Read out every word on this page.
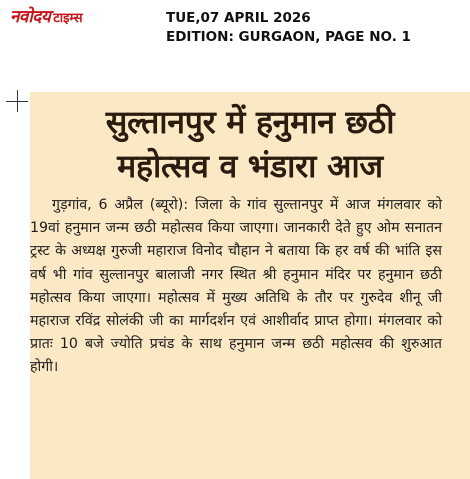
नवोदय टाइम्स	TUE,07 APRIL 2026
EDITION: GURGAON, PAGE NO. 1
सुल्तानपुर में हनुमान छठी
महोत्सव व भंडारा आज

गुड़गांव, 6 अप्रैल (ब्यूरो): जिला के गांव सुल्तानपुर में आज मंगलवार को 19वां हनुमान जन्म छठी महोत्सव किया जाएगा। जानकारी देते हुए ओम सनातन ट्रस्ट के अध्यक्ष गुरुजी महाराज विनोद चौहान ने बताया कि हर वर्ष की भांति इस वर्ष भी गांव सुल्तानपुर बालाजी नगर स्थित श्री हनुमान मंदिर पर हनुमान छठी महोत्सव किया जाएगा। महोत्सव में मुख्य अतिथि के तौर पर गुरुदेव शीनू जी महाराज रविंद्र सोलंकी जी का मार्गदर्शन एवं आशीर्वाद प्राप्त होगा। मंगलवार को प्रातः 10 बजे ज्योति प्रचंड के साथ हनुमान जन्म छठी महोत्सव की शुरुआत होगी।
